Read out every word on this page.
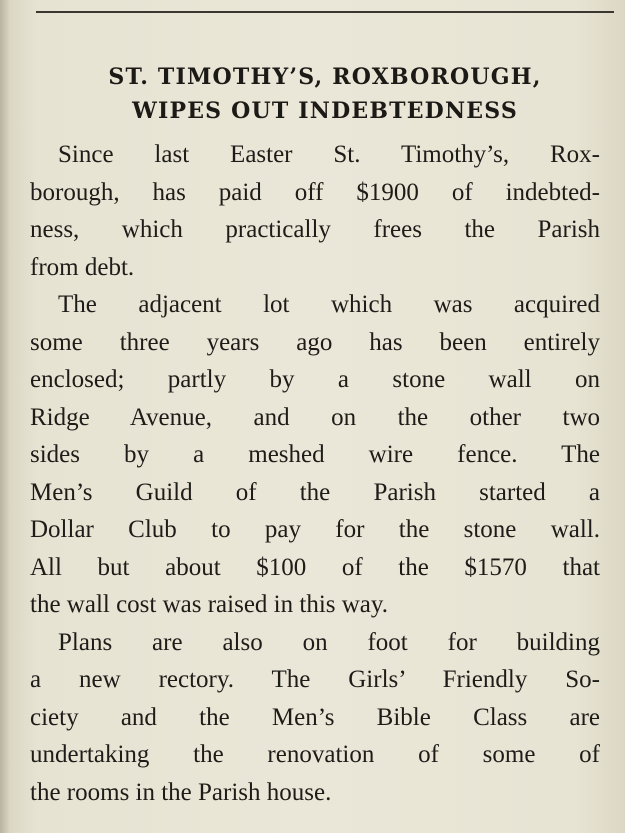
ST. TIMOTHY’S, ROXBOROUGH,
WIPES OUT INDEBTEDNESS
Since last Easter St. Timothy’s, Rox-
borough, has paid off $1900 of indebted-
ness, which practically frees the Parish
from debt.
The adjacent lot which was acquired
some three years ago has been entirely
enclosed; partly by a stone wall on
Ridge Avenue, and on the other two
sides by a meshed wire fence. The
Men’s Guild of the Parish started a
Dollar Club to pay for the stone wall.
All but about $100 of the $1570 that
the wall cost was raised in this way.
Plans are also on foot for building
a new rectory. The Girls’ Friendly So-
ciety and the Men’s Bible Class are
undertaking the renovation of some of
the rooms in the Parish house.
